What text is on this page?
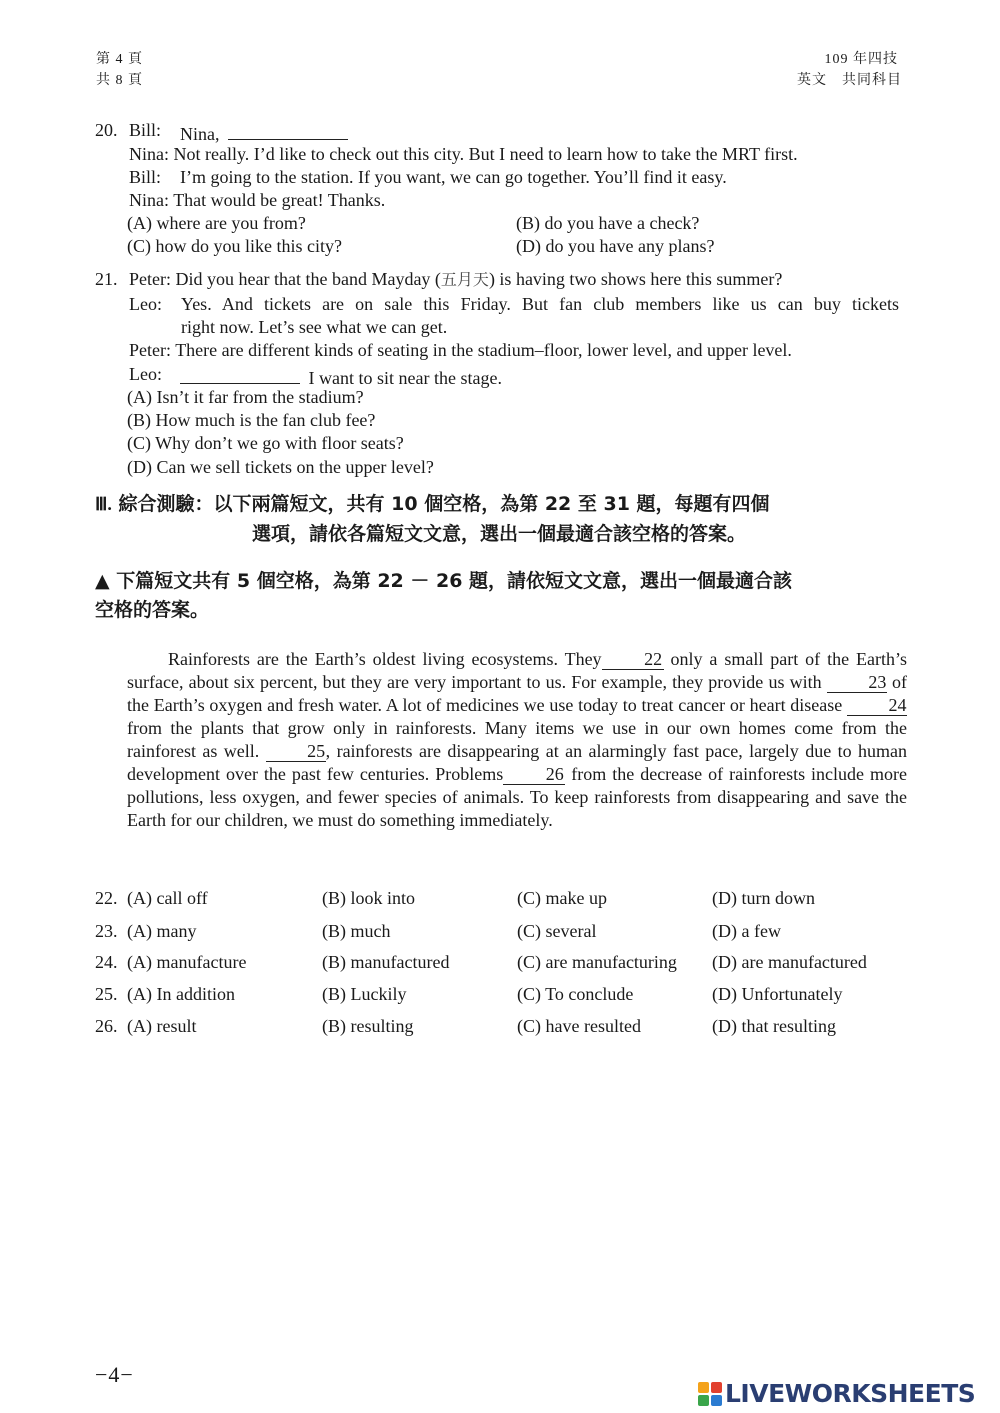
第 4 頁
共 8 頁
109 年四技
英文　共同科目
20. Bill: Nina,
Nina: Not really. I’d like to check out this city. But I need to learn how to take the MRT first.
Bill: I’m going to the station. If you want, we can go together. You’ll find it easy.
Nina: That would be great! Thanks.
(A) where are you from?	(B) do you have a check?
(C) how do you like this city?	(D) do you have any plans?
21. Peter: Did you hear that the band Mayday (五月天) is having two shows here this summer?
Leo: Yes. And tickets are on sale this Friday. But fan club members like us can buy tickets
right now. Let’s see what we can get.
Peter: There are different kinds of seating in the stadium–floor, lower level, and upper level.
Leo:	I want to sit near the stage.
(A) Isn’t it far from the stadium?
(B) How much is the fan club fee?
(C) Why don’t we go with floor seats?
(D) Can we sell tickets on the upper level?
Ⅲ. 綜合測驗：以下兩篇短文，共有 10 個空格，為第 22 至 31 題，每題有四個
選項，請依各篇短文文意，選出一個最適合該空格的答案。
▲ 下篇短文共有 5 個空格，為第 22 － 26 題，請依短文文意，選出一個最適合該
空格的答案。
Rainforests are the Earth’s oldest living ecosystems. They 22 only a small part of the Earth’s surface, about six percent, but they are very important to us. For example, they provide us with	23 of the Earth’s oxygen and fresh water. A lot of medicines we use today to treat cancer or heart disease	24 from the plants that grow only in rainforests. Many items we use in our own homes come from the rainforest as well.	25, rainforests are disappearing at an alarmingly fast pace, largely due to human development over the past few centuries. Problems 26 from the decrease of rainforests include more pollutions, less oxygen, and fewer species of animals. To keep rainforests from disappearing and save the Earth for our children, we must do something immediately.
22. (A) call off	(B) look into	(C) make up	(D) turn down
23. (A) many	(B) much	(C) several	(D) a few
24. (A) manufacture	(B) manufactured	(C) are manufacturing (D) are manufactured
25. (A) In addition	(B) Luckily	(C) To conclude	(D) Unfortunately
26. (A) result	(B) resulting	(C) have resulted	(D) that resulting
−4−
LIVEWORKSHEETS
